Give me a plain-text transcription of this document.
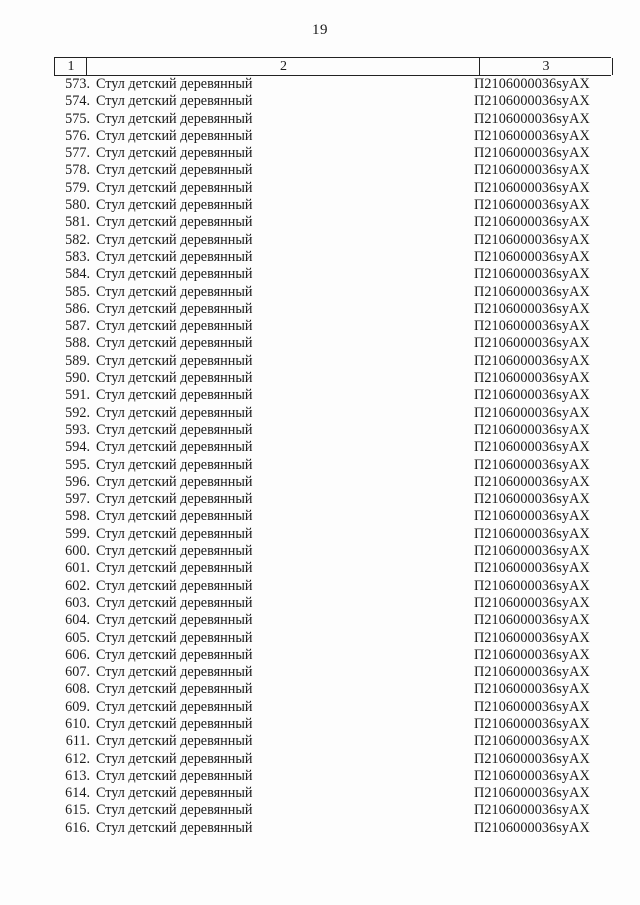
19
1	2	3
573. Стул детский деревянный	П2106000036syAX
574. Стул детский деревянный	П2106000036syAX
575. Стул детский деревянный	П2106000036syAX
576. Стул детский деревянный	П2106000036syAX
577. Стул детский деревянный	П2106000036syAX
578. Стул детский деревянный	П2106000036syAX
579. Стул детский деревянный	П2106000036syAX
580. Стул детский деревянный	П2106000036syAX
581. Стул детский деревянный	П2106000036syAX
582. Стул детский деревянный	П2106000036syAX
583. Стул детский деревянный	П2106000036syAX
584. Стул детский деревянный	П2106000036syAX
585. Стул детский деревянный	П2106000036syAX
586. Стул детский деревянный	П2106000036syAX
587. Стул детский деревянный	П2106000036syAX
588. Стул детский деревянный	П2106000036syAX
589. Стул детский деревянный	П2106000036syAX
590. Стул детский деревянный	П2106000036syAX
591. Стул детский деревянный	П2106000036syAX
592. Стул детский деревянный	П2106000036syAX
593. Стул детский деревянный	П2106000036syAX
594. Стул детский деревянный	П2106000036syAX
595. Стул детский деревянный	П2106000036syAX
596. Стул детский деревянный	П2106000036syAX
597. Стул детский деревянный	П2106000036syAX
598. Стул детский деревянный	П2106000036syAX
599. Стул детский деревянный	П2106000036syAX
600. Стул детский деревянный	П2106000036syAX
601. Стул детский деревянный	П2106000036syAX
602. Стул детский деревянный	П2106000036syAX
603. Стул детский деревянный	П2106000036syAX
604. Стул детский деревянный	П2106000036syAX
605. Стул детский деревянный	П2106000036syAX
606. Стул детский деревянный	П2106000036syAX
607. Стул детский деревянный	П2106000036syAX
608. Стул детский деревянный	П2106000036syAX
609. Стул детский деревянный	П2106000036syAX
610. Стул детский деревянный	П2106000036syAX
611. Стул детский деревянный	П2106000036syAX
612. Стул детский деревянный	П2106000036syAX
613. Стул детский деревянный	П2106000036syAX
614. Стул детский деревянный	П2106000036syAX
615. Стул детский деревянный	П2106000036syAX
616. Стул детский деревянный	П2106000036syAX
